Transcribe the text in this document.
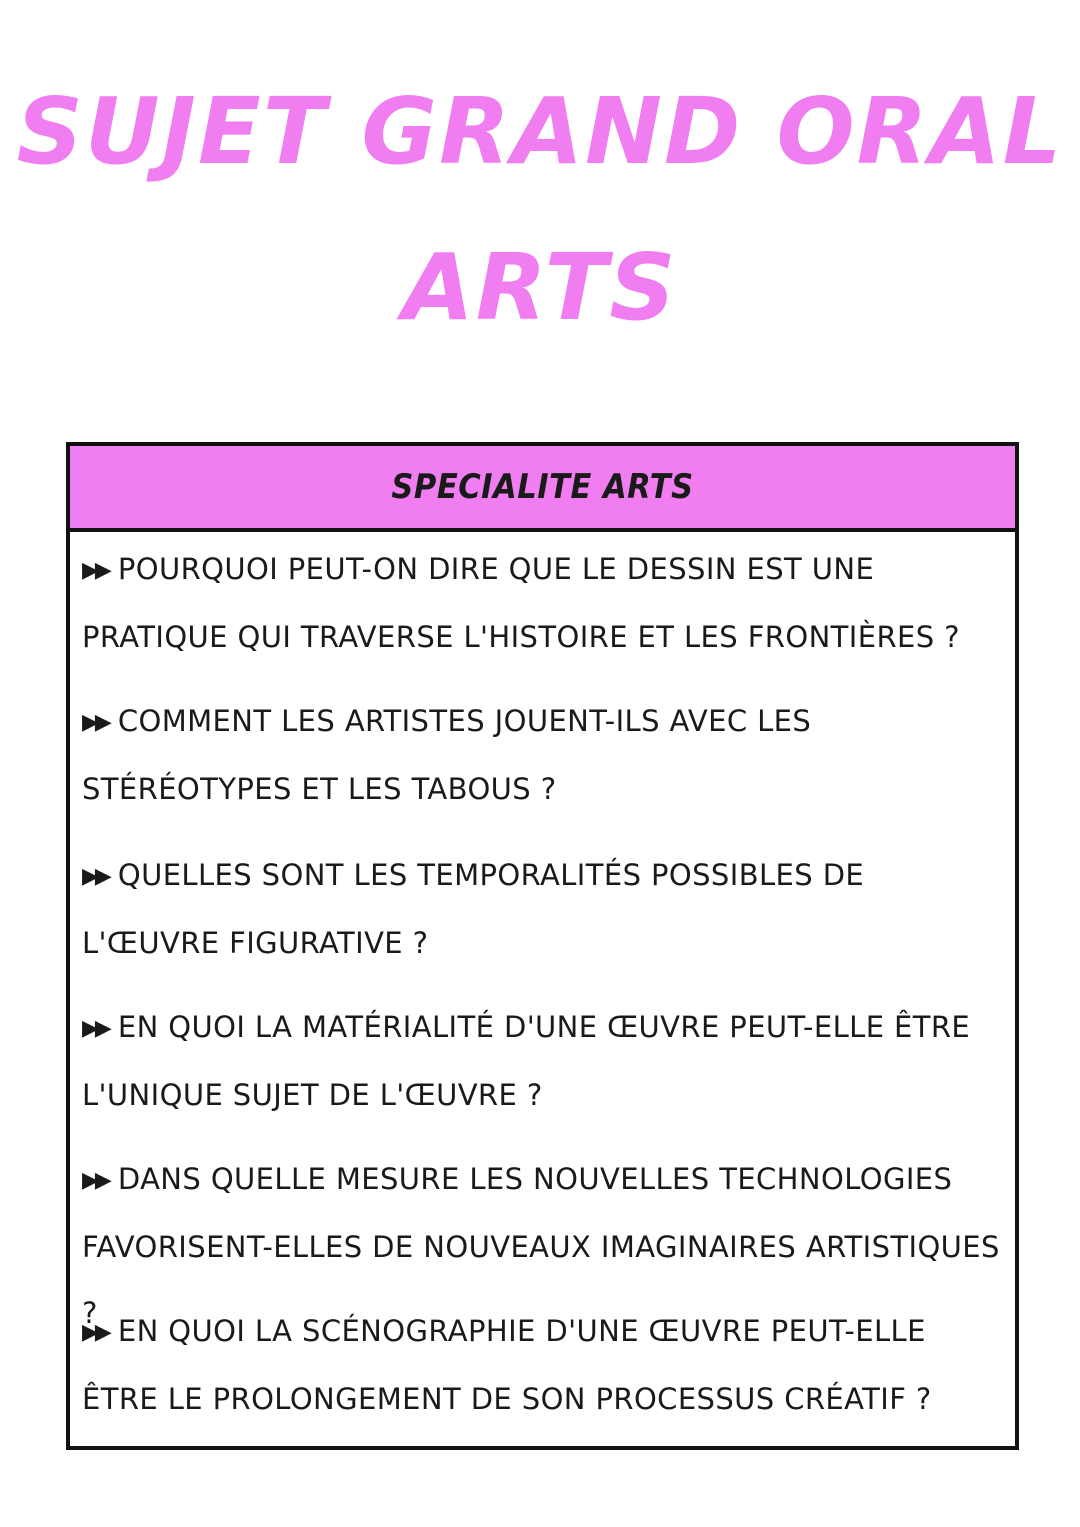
SUJET GRAND ORAL
ARTS
SPECIALITE ARTS
▶▶ POURQUOI PEUT-ON DIRE QUE LE DESSIN EST UNE PRATIQUE QUI TRAVERSE L'HISTOIRE ET LES FRONTIÈRES ?
▶▶ COMMENT LES ARTISTES JOUENT-ILS AVEC LES STÉRÉOTYPES ET LES TABOUS ?
▶▶ QUELLES SONT LES TEMPORALITÉS POSSIBLES DE L'ŒUVRE FIGURATIVE ?
▶▶ EN QUOI LA MATÉRIALITÉ D'UNE ŒUVRE PEUT-ELLE ÊTRE L'UNIQUE SUJET DE L'ŒUVRE ?
▶▶ DANS QUELLE MESURE LES NOUVELLES TECHNOLOGIES FAVORISENT-ELLES DE NOUVEAUX IMAGINAIRES ARTISTIQUES ?
▶▶ EN QUOI LA SCÉNOGRAPHIE D'UNE ŒUVRE PEUT-ELLE ÊTRE LE PROLONGEMENT DE SON PROCESSUS CRÉATIF ?
